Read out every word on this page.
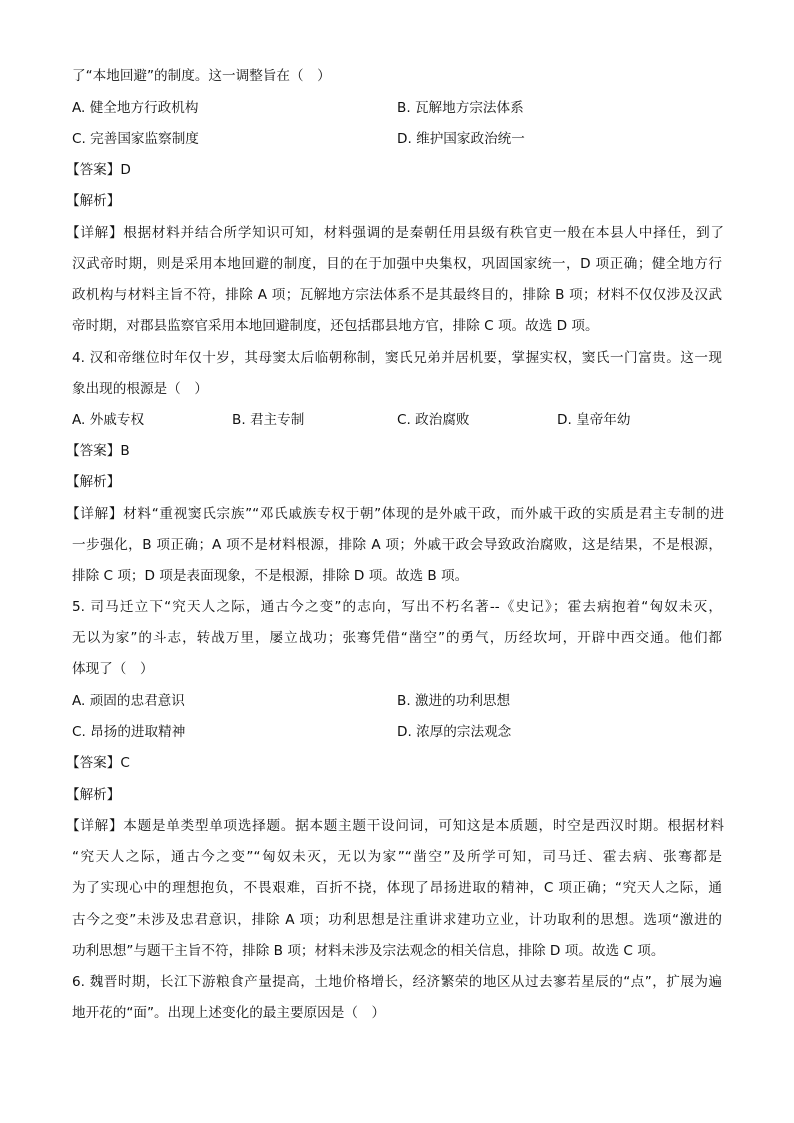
了“本地回避”的制度。这一调整旨在（　）
A. 健全地方行政机构	B. 瓦解地方宗法体系
C. 完善国家监察制度	D. 维护国家政治统一
【答案】D
【解析】
【详解】根据材料并结合所学知识可知，材料强调的是秦朝任用县级有秩官吏一般在本县人中择任，到了
汉武帝时期，则是采用本地回避的制度，目的在于加强中央集权，巩固国家统一，D 项正确；健全地方行
政机构与材料主旨不符，排除 A 项；瓦解地方宗法体系不是其最终目的，排除 B 项；材料不仅仅涉及汉武
帝时期，对郡县监察官采用本地回避制度，还包括郡县地方官，排除 C 项。故选 D 项。
4. 汉和帝继位时年仅十岁，其母窦太后临朝称制，窦氏兄弟并居机要，掌握实权，窦氏一门富贵。这一现
象出现的根源是（　）
A. 外戚专权	B. 君主专制	C. 政治腐败	D. 皇帝年幼
【答案】B
【解析】
【详解】材料“重视窦氏宗族”“邓氏戚族专权于朝”体现的是外戚干政，而外戚干政的实质是君主专制的进
一步强化，B 项正确；A 项不是材料根源，排除 A 项；外戚干政会导致政治腐败，这是结果，不是根源，
排除 C 项；D 项是表面现象，不是根源，排除 D 项。故选 B 项。
5. 司马迁立下“究天人之际，通古今之变”的志向，写出不朽名著--《史记》；霍去病抱着“匈奴未灭，
无以为家”的斗志，转战万里，屡立战功；张骞凭借“凿空”的勇气，历经坎坷，开辟中西交通。他们都
体现了（　）
A. 顽固的忠君意识	B. 激进的功利思想
C. 昂扬的进取精神	D. 浓厚的宗法观念
【答案】C
【解析】
【详解】本题是单类型单项选择题。据本题主题干设问词，可知这是本质题，时空是西汉时期。根据材料
“究天人之际，通古今之变”“匈奴未灭，无以为家”“凿空”及所学可知，司马迁、霍去病、张骞都是
为了实现心中的理想抱负，不畏艰难，百折不挠，体现了昂扬进取的精神，C 项正确；“究天人之际，通
古今之变”未涉及忠君意识，排除 A 项；功利思想是注重讲求建功立业，计功取利的思想。选项“激进的
功利思想”与题干主旨不符，排除 B 项；材料未涉及宗法观念的相关信息，排除 D 项。故选 C 项。
6. 魏晋时期，长江下游粮食产量提高，土地价格增长，经济繁荣的地区从过去寥若星辰的“点”，扩展为遍
地开花的“面”。出现上述变化的最主要原因是（　）
